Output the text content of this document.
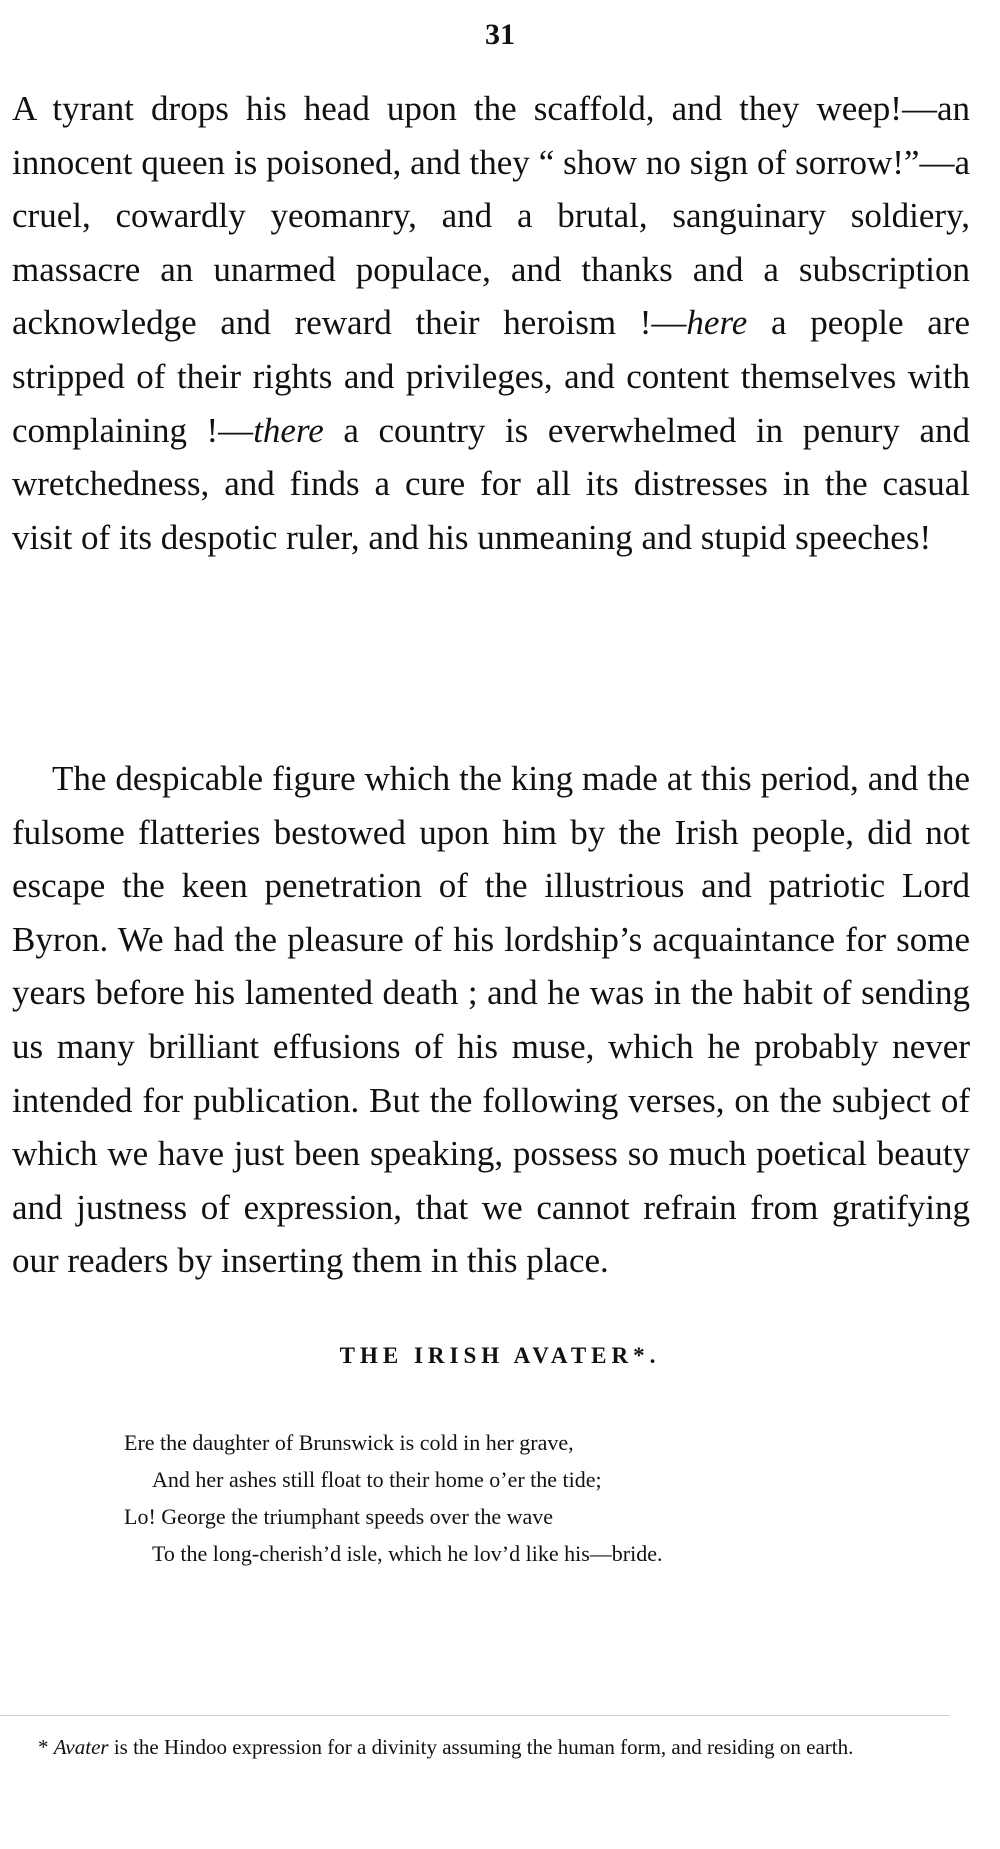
31

A tyrant drops his head upon the scaffold, and they weep!—an innocent queen is poisoned, and they “ show no sign of sorrow!”—a cruel, cowardly yeomanry, and a brutal, sanguinary soldiery, massacre an unarmed populace, and thanks and a subscription acknowledge and reward their heroism !—here a people are stripped of their rights and privileges, and content themselves with complaining !—there a country is everwhelmed in penury and wretchedness, and finds a cure for all its distresses in the casual visit of its despotic ruler, and his unmeaning and stupid speeches!

The despicable figure which the king made at this period, and the fulsome flatteries bestowed upon him by the Irish people, did not escape the keen penetration of the illustrious and patriotic Lord Byron. We had the pleasure of his lordship’s acquaintance for some years before his lamented death ; and he was in the habit of sending us many brilliant effusions of his muse, which he probably never intended for publication. But the following verses, on the subject of which we have just been speaking, possess so much poetical beauty and justness of expression, that we cannot refrain from gratifying our readers by inserting them in this place.

THE IRISH AVATER*.
Ere the daughter of Brunswick is cold in her grave,
And her ashes still float to their home o’er the tide;
Lo! George the triumphant speeds over the wave
To the long-cherish’d isle, which he lov’d like his—bride.

* Avater is the Hindoo expression for a divinity assuming the human form, and residing on earth.
